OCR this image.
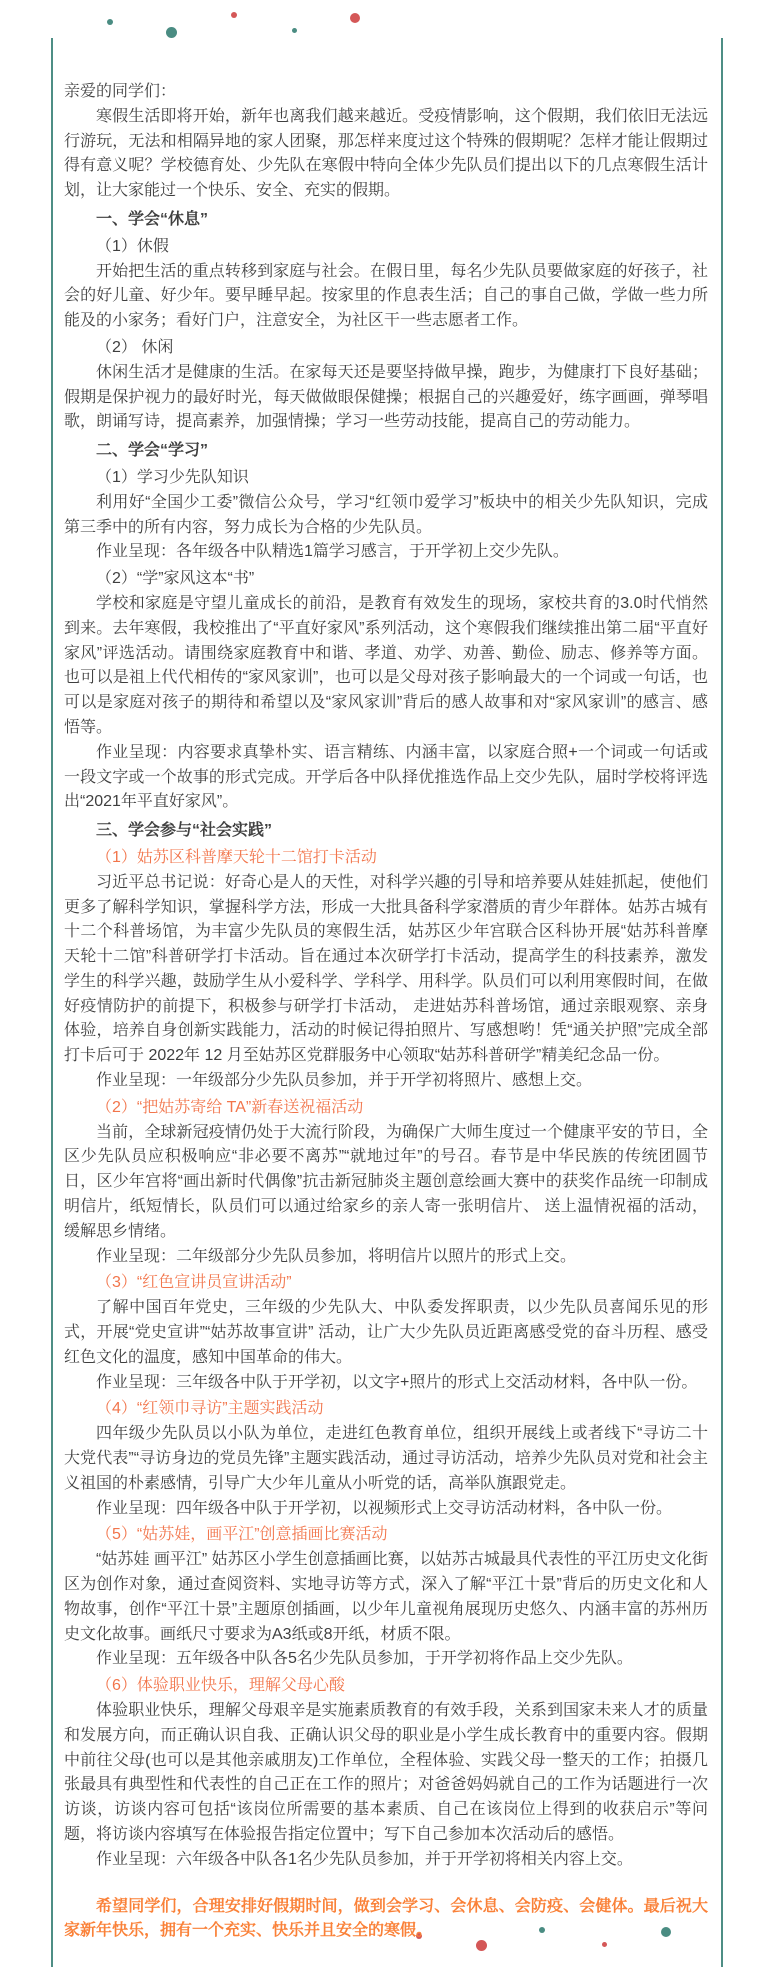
亲爱的同学们：

寒假生活即将开始，新年也离我们越来越近。受疫情影响，这个假期，我们依旧无法远行游玩，无法和相隔异地的家人团聚，那怎样来度过这个特殊的假期呢？怎样才能让假期过得有意义呢？学校德育处、少先队在寒假中特向全体少先队员们提出以下的几点寒假生活计划，让大家能过一个快乐、安全、充实的假期。

一、学会“休息”

（1）休假

开始把生活的重点转移到家庭与社会。在假日里，每名少先队员要做家庭的好孩子，社会的好儿童、好少年。要早睡早起。按家里的作息表生活；自己的事自己做，学做一些力所能及的小家务；看好门户，注意安全，为社区干一些志愿者工作。

（2） 休闲

休闲生活才是健康的生活。在家每天还是要坚持做早操，跑步，为健康打下良好基础；假期是保护视力的最好时光，每天做做眼保健操；根据自己的兴趣爱好，练字画画，弹琴唱歌，朗诵写诗，提高素养，加强情操；学习一些劳动技能，提高自己的劳动能力。

二、学会“学习”

（1）学习少先队知识

利用好“全国少工委”微信公众号，学习“红领巾爱学习”板块中的相关少先队知识，完成第三季中的所有内容，努力成长为合格的少先队员。

作业呈现：各年级各中队精选1篇学习感言，于开学初上交少先队。

（2）“学”家风这本“书”

学校和家庭是守望儿童成长的前沿，是教育有效发生的现场，家校共育的3.0时代悄然到来。去年寒假，我校推出了“平直好家风”系列活动，这个寒假我们继续推出第二届“平直好家风”评选活动。请围绕家庭教育中和谐、孝道、劝学、劝善、勤俭、励志、修养等方面。也可以是祖上代代相传的“家风家训”，也可以是父母对孩子影响最大的一个词或一句话，也可以是家庭对孩子的期待和希望以及“家风家训”背后的感人故事和对“家风家训”的感言、感悟等。

作业呈现：内容要求真挚朴实、语言精练、内涵丰富，以家庭合照+一个词或一句话或一段文字或一个故事的形式完成。开学后各中队择优推选作品上交少先队，届时学校将评选出“2021年平直好家风”。

三、学会参与“社会实践”

（1）姑苏区科普摩天轮十二馆打卡活动

习近平总书记说：好奇心是人的天性，对科学兴趣的引导和培养要从娃娃抓起，使他们更多了解科学知识，掌握科学方法，形成一大批具备科学家潜质的青少年群体。姑苏古城有十二个科普场馆，为丰富少先队员的寒假生活，姑苏区少年宫联合区科协开展“姑苏科普摩天轮十二馆”科普研学打卡活动。旨在通过本次研学打卡活动，提高学生的科技素养，激发学生的科学兴趣，鼓励学生从小爱科学、学科学、用科学。队员们可以利用寒假时间，在做好疫情防护的前提下，积极参与研学打卡活动， 走进姑苏科普场馆，通过亲眼观察、亲身体验，培养自身创新实践能力，活动的时候记得拍照片、写感想哟！凭“通关护照”完成全部打卡后可于 2022年 12 月至姑苏区党群服务中心领取“姑苏科普研学”精美纪念品一份。

作业呈现：一年级部分少先队员参加，并于开学初将照片、感想上交。

（2）“把姑苏寄给 TA”新春送祝福活动

当前，全球新冠疫情仍处于大流行阶段，为确保广大师生度过一个健康平安的节日，全区少先队员应积极响应“非必要不离苏”“就地过年”的号召。春节是中华民族的传统团圆节日，区少年宫将“画出新时代偶像”抗击新冠肺炎主题创意绘画大赛中的获奖作品统一印制成明信片，纸短情长，队员们可以通过给家乡的亲人寄一张明信片、 送上温情祝福的活动，缓解思乡情绪。

作业呈现：二年级部分少先队员参加，将明信片以照片的形式上交。

（3）“红色宣讲员宣讲活动”

了解中国百年党史，三年级的少先队大、中队委发挥职责，以少先队员喜闻乐见的形式，开展“党史宣讲”“姑苏故事宣讲” 活动，让广大少先队员近距离感受党的奋斗历程、感受红色文化的温度，感知中国革命的伟大。

作业呈现：三年级各中队于开学初，以文字+照片的形式上交活动材料，各中队一份。

（4）“红领巾寻访”主题实践活动

四年级少先队员以小队为单位，走进红色教育单位，组织开展线上或者线下“寻访二十大党代表”“寻访身边的党员先锋”主题实践活动，通过寻访活动，培养少先队员对党和社会主义祖国的朴素感情，引导广大少年儿童从小听党的话，高举队旗跟党走。

作业呈现：四年级各中队于开学初，以视频形式上交寻访活动材料，各中队一份。

（5）“姑苏娃，画平江”创意插画比赛活动

“姑苏娃 画平江” 姑苏区小学生创意插画比赛，以姑苏古城最具代表性的平江历史文化街区为创作对象，通过查阅资料、实地寻访等方式，深入了解“平江十景”背后的历史文化和人物故事，创作“平江十景”主题原创插画，以少年儿童视角展现历史悠久、内涵丰富的苏州历史文化故事。画纸尺寸要求为A3纸或8开纸，材质不限。

作业呈现：五年级各中队各5名少先队员参加，于开学初将作品上交少先队。

（6）体验职业快乐，理解父母心酸

体验职业快乐，理解父母艰辛是实施素质教育的有效手段，关系到国家未来人才的质量和发展方向，而正确认识自我、正确认识父母的职业是小学生成长教育中的重要内容。假期中前往父母(也可以是其他亲戚朋友)工作单位，全程体验、实践父母一整天的工作；拍摄几张最具有典型性和代表性的自己正在工作的照片；对爸爸妈妈就自己的工作为话题进行一次访谈，访谈内容可包括“该岗位所需要的基本素质、自己在该岗位上得到的收获启示”等问题，将访谈内容填写在体验报告指定位置中；写下自己参加本次活动后的感悟。

作业呈现：六年级各中队各1名少先队员参加，并于开学初将相关内容上交。

希望同学们，合理安排好假期时间，做到会学习、会休息、会防疫、会健体。最后祝大家新年快乐，拥有一个充实、快乐并且安全的寒假。
